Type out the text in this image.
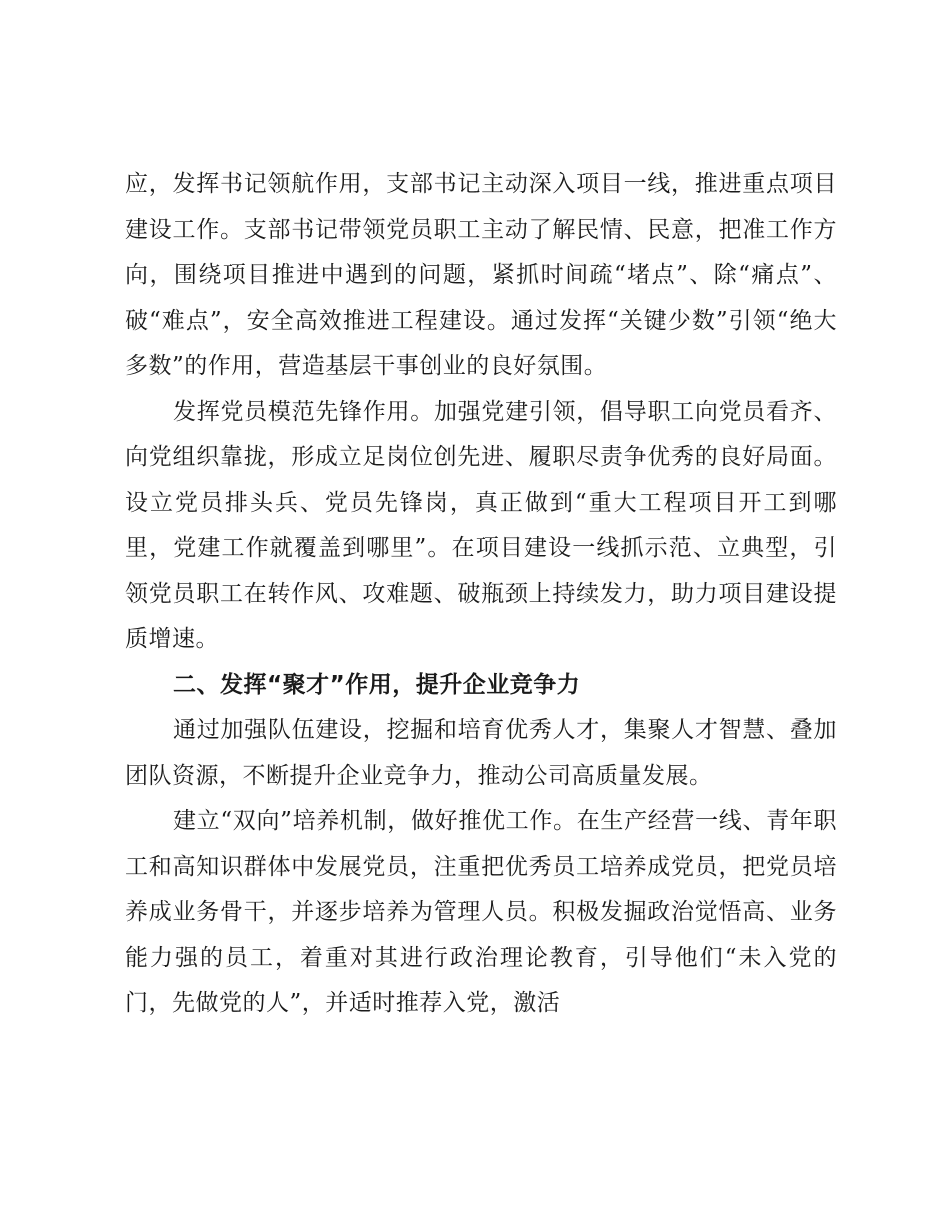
应，发挥书记领航作用，支部书记主动深入项目一线，推进重点项目建设工作。支部书记带领党员职工主动了解民情、民意，把准工作方向，围绕项目推进中遇到的问题，紧抓时间疏“堵点”、除“痛点”、破“难点”，安全高效推进工程建设。通过发挥“关键少数”引领“绝大多数”的作用，营造基层干事创业的良好氛围。

发挥党员模范先锋作用。加强党建引领，倡导职工向党员看齐、向党组织靠拢，形成立足岗位创先进、履职尽责争优秀的良好局面。设立党员排头兵、党员先锋岗，真正做到“重大工程项目开工到哪里，党建工作就覆盖到哪里”。在项目建设一线抓示范、立典型，引领党员职工在转作风、攻难题、破瓶颈上持续发力，助力项目建设提质增速。

二、发挥“聚才”作用，提升企业竞争力

通过加强队伍建设，挖掘和培育优秀人才，集聚人才智慧、叠加团队资源，不断提升企业竞争力，推动公司高质量发展。

建立“双向”培养机制，做好推优工作。在生产经营一线、青年职工和高知识群体中发展党员，注重把优秀员工培养成党员，把党员培养成业务骨干，并逐步培养为管理人员。积极发掘政治觉悟高、业务能力强的员工，着重对其进行政治理论教育，引导他们“未入党的门，先做党的人”，并适时推荐入党，激活
